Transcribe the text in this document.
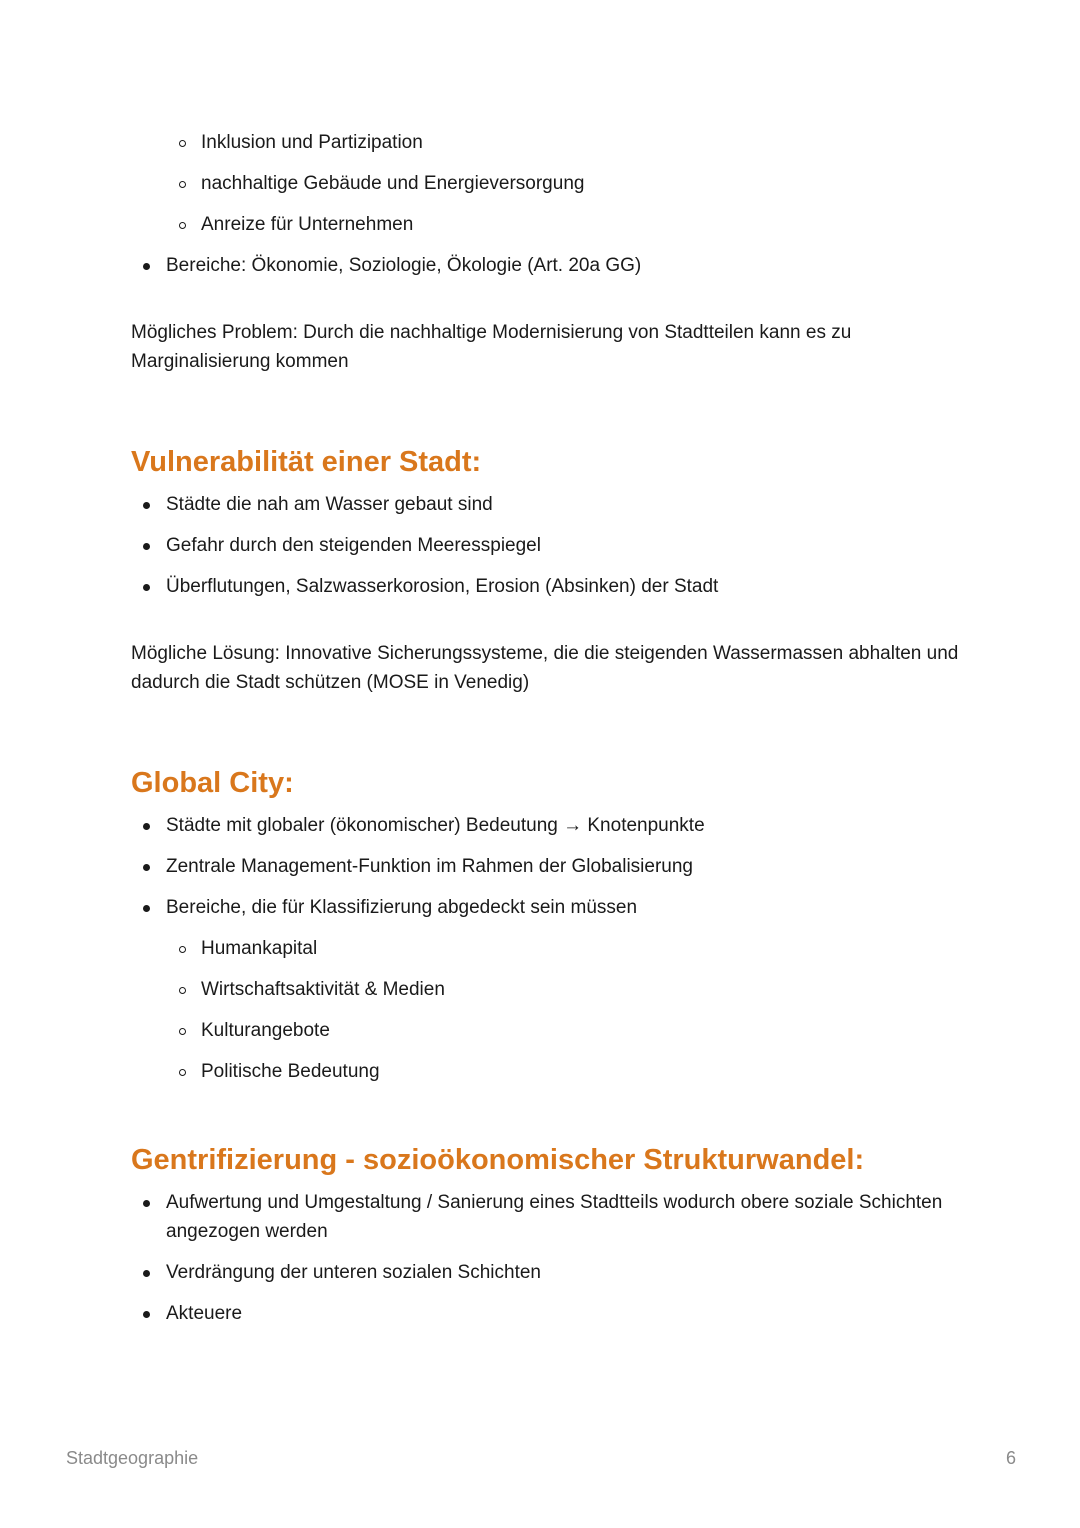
Inklusion und Partizipation
nachhaltige Gebäude und Energieversorgung
Anreize für Unternehmen
Bereiche: Ökonomie, Soziologie, Ökologie (Art. 20a GG)

Mögliches Problem: Durch die nachhaltige Modernisierung von Stadtteilen kann es zu Marginalisierung kommen

Vulnerabilität einer Stadt:
Städte die nah am Wasser gebaut sind
Gefahr durch den steigenden Meeresspiegel
Überflutungen, Salzwasserkorosion, Erosion (Absinken) der Stadt

Mögliche Lösung: Innovative Sicherungssysteme, die die steigenden Wassermassen abhalten und dadurch die Stadt schützen (MOSE in Venedig)

Global City:
Städte mit globaler (ökonomischer) Bedeutung → Knotenpunkte
Zentrale Management-Funktion im Rahmen der Globalisierung
Bereiche, die für Klassifizierung abgedeckt sein müssen
Humankapital
Wirtschaftsaktivität & Medien
Kulturangebote
Politische Bedeutung
Gentrifizierung - sozioökonomischer Strukturwandel:
Aufwertung und Umgestaltung / Sanierung eines Stadtteils wodurch obere soziale Schichten angezogen werden
Verdrängung der unteren sozialen Schichten
Akteuere
Stadtgeographie	6
